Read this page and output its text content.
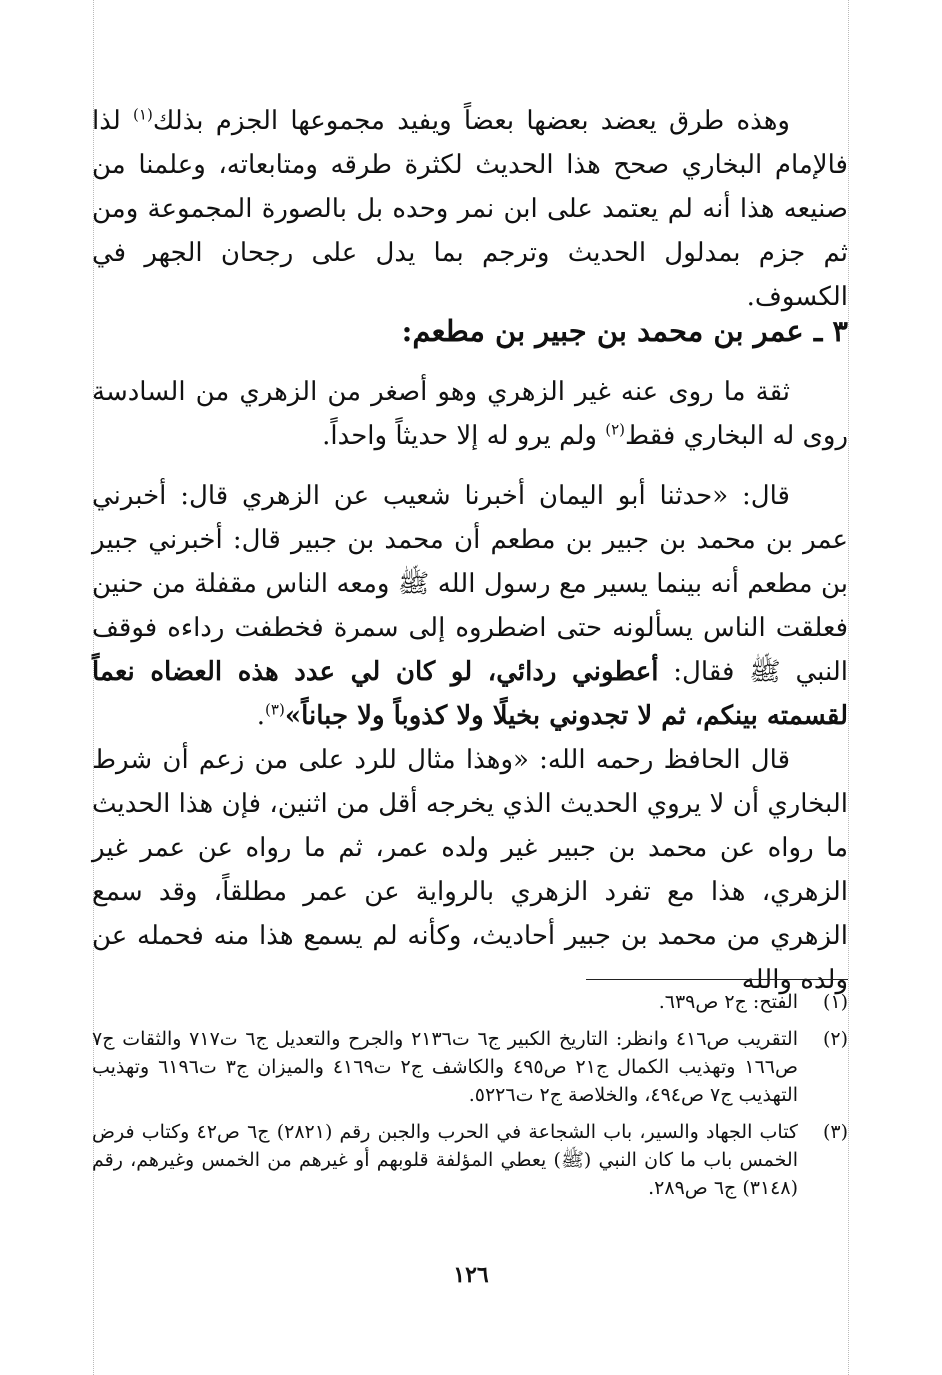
وهذه طرق يعضد بعضها بعضاً ويفيد مجموعها الجزم بذلك$^{(١)}$ لذا فالإمام البخاري صحح هذا الحديث لكثرة طرقه ومتابعاته، وعلمنا من صنيعه هذا أنه لم يعتمد على ابن نمر وحده بل بالصورة المجموعة ومن ثم جزم بمدلول الحديث وترجم بما يدل على رجحان الجهر في الكسوف.
٣ ـ عمر بن محمد بن جبير بن مطعم:
ثقة ما روى عنه غير الزهري وهو أصغر من الزهري من السادسة روى له البخاري فقط$^{(٢)}$ ولم يرو له إلا حديثاً واحداً.
قال: «حدثنا أبو اليمان أخبرنا شعيب عن الزهري قال: أخبرني عمر بن محمد بن جبير بن مطعم أن محمد بن جبير قال: أخبرني جبير بن مطعم أنه بينما يسير مع رسول الله ﷺ ومعه الناس مقفلة من حنين فعلقت الناس يسألونه حتى اضطروه إلى سمرة فخطفت رداءه فوقف النبي ﷺ فقال: أعطوني ردائي، لو كان لي عدد هذه العضاه نعماً لقسمته بينكم، ثم لا تجدوني بخيلًا ولا كذوباً ولا جباناً»$^{(٣)}$.
قال الحافظ رحمه الله: «وهذا مثال للرد على من زعم أن شرط البخاري أن لا يروي الحديث الذي يخرجه أقل من اثنين، فإن هذا الحديث ما رواه عن محمد بن جبير غير ولده عمر، ثم ما رواه عن عمر غير الزهري، هذا مع تفرد الزهري بالرواية عن عمر مطلقاً، وقد سمع الزهري من محمد بن جبير أحاديث، وكأنه لم يسمع هذا منه فحمله عن ولده والله
(١)
الفتح: ج٢ ص٦٣٩.
(٢)
التقريب ص٤١٦ وانظر: التاريخ الكبير ج٦ ت٢١٣٦ والجرح والتعديل ج٦ ت٧١٧ والثقات ج٧ ص١٦٦ وتهذيب الكمال ج٢١ ص٤٩٥ والكاشف ج٢ ت٤١٦٩ والميزان ج٣ ت٦١٩٦ وتهذيب التهذيب ج٧ ص٤٩٤، والخلاصة ج٢ ت٥٢٢٦.
(٣)
كتاب الجهاد والسير، باب الشجاعة في الحرب والجبن رقم (٢٨٢١) ج٦ ص٤٢ وكتاب فرض الخمس باب ما كان النبي (ﷺ) يعطي المؤلفة قلوبهم أو غيرهم من الخمس وغيرهم، رقم (٣١٤٨) ج٦ ص٢٨٩.
١٢٦
